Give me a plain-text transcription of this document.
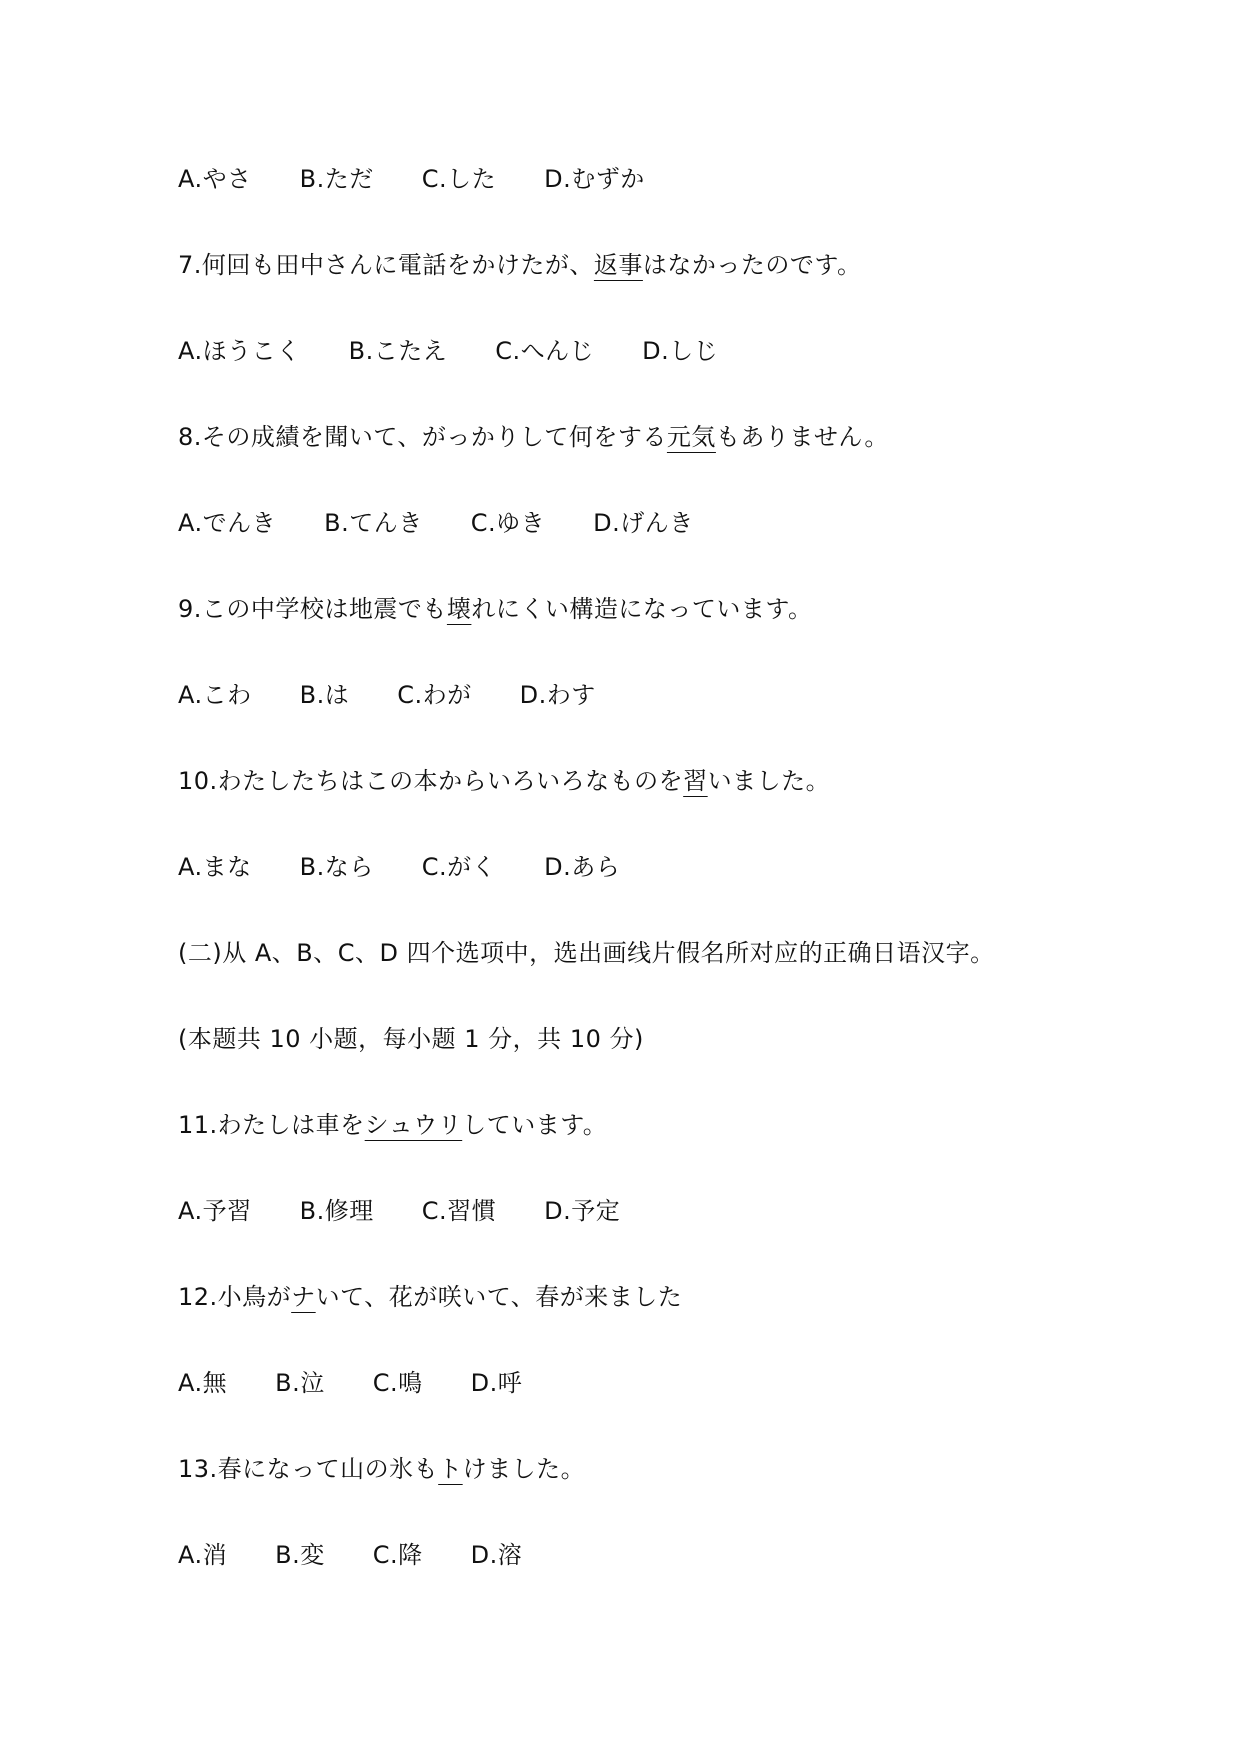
A.やさ B.ただ C.した D.むずか
7.何回も田中さんに電話をかけたが、返事はなかったのです。
A.ほうこく B.こたえ C.へんじ D.しじ
8.その成績を聞いて、がっかりして何をする元気もありません。
A.でんき B.てんき C.ゆき D.げんき
9.この中学校は地震でも壊れにくい構造になっています。
A.こわ B.は C.わが D.わす
10.わたしたちはこの本からいろいろなものを習いました。
A.まな B.なら C.がく D.あら
(二)从 A、B、C、D 四个选项中，选出画线片假名所对应的正确日语汉字。
(本题共 10 小题，每小题 1 分，共 10 分)
11.わたしは車をシュウリしています。
A.予習 B.修理 C.習慣 D.予定
12.小鳥がナいて、花が咲いて、春が来ました
A.無 B.泣 C.鳴 D.呼
13.春になって山の氷もトけました。
A.消 B.変 C.降 D.溶
